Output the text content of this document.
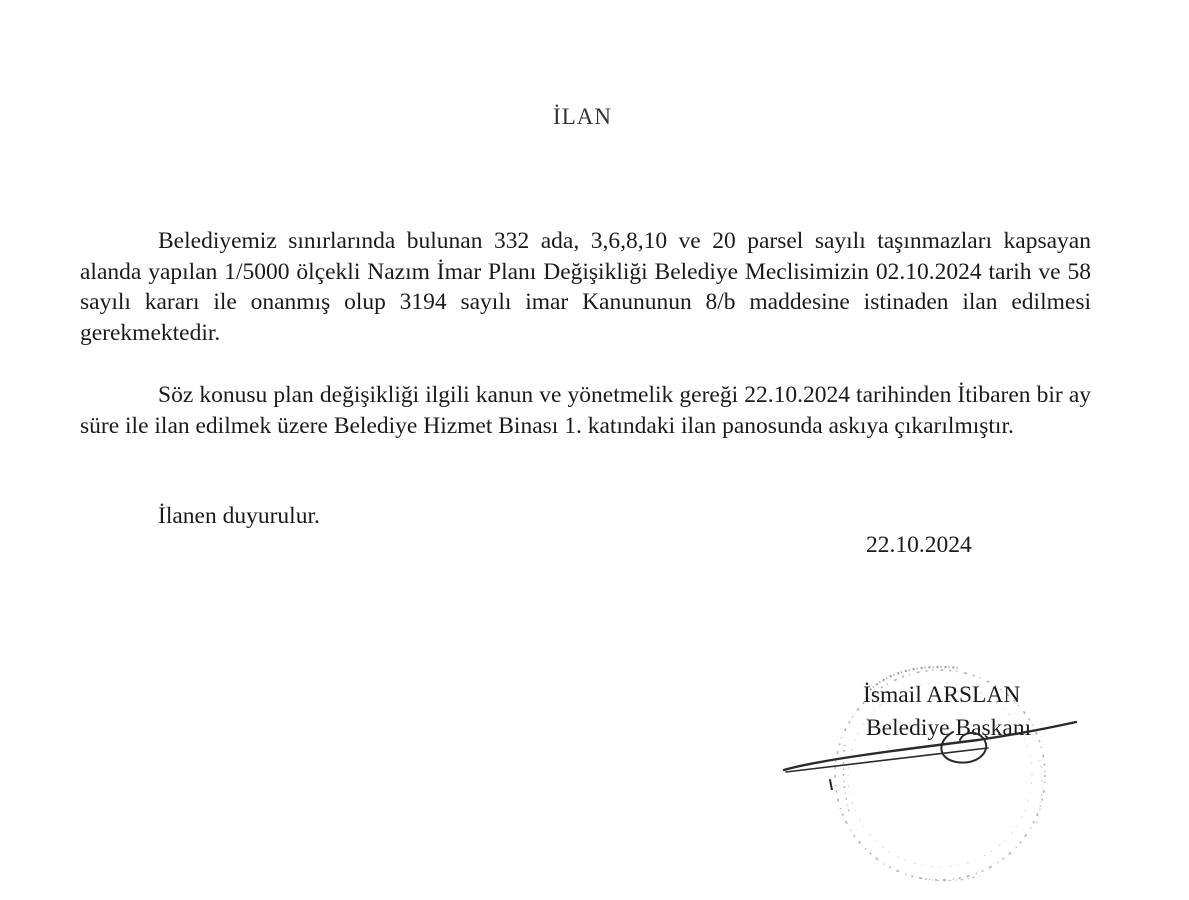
İLAN

Belediyemiz sınırlarında bulunan 332 ada, 3,6,8,10 ve 20 parsel sayılı taşınmazları kapsayan alanda yapılan 1/5000 ölçekli Nazım İmar Planı Değişikliği Belediye Meclisimizin 02.10.2024 tarih ve 58 sayılı kararı ile onanmış olup 3194 sayılı imar Kanununun 8/b maddesine istinaden ilan edilmesi gerekmektedir.

Söz konusu plan değişikliği ilgili kanun ve yönetmelik gereği 22.10.2024 tarihinden İtibaren bir ay süre ile ilan edilmek üzere Belediye Hizmet Binası 1. katındaki ilan panosunda askıya çıkarılmıştır.

İlanen duyurulur.
22.10.2024
İsmail ARSLAN
Belediye Başkanı
